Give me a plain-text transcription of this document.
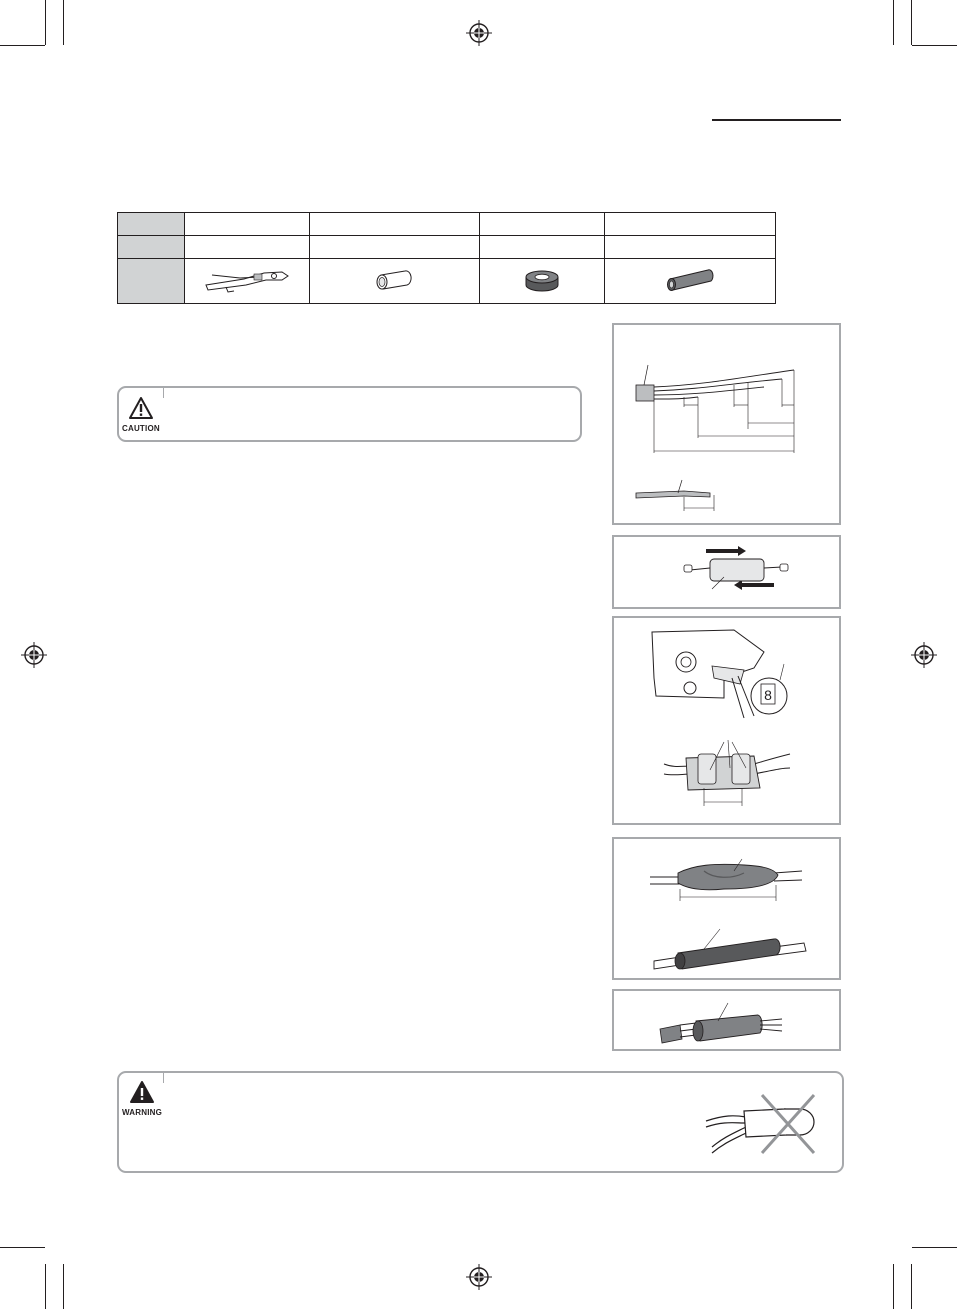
CAUTION
8
WARNING
